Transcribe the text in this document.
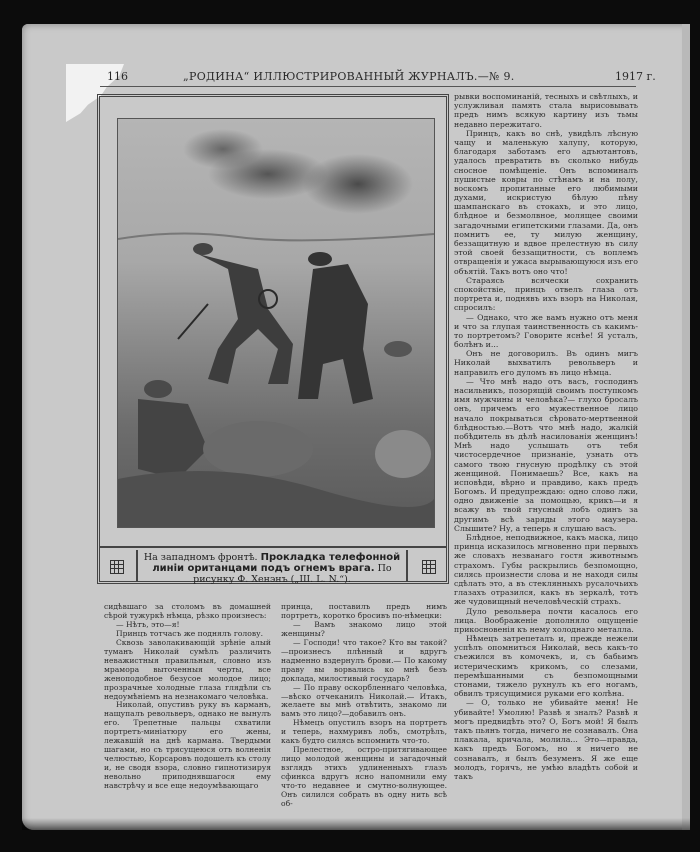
116	„РОДИНА“ ИЛЛЮСТРИРОВАННЫЙ ЖУРНАЛЪ.—№ 9.	1917 г.
На западномъ фронтѣ. Прокладка телефонной линіи оританцами подъ огнемъ врага. По рисунку Ф. Хенэнъ („Ш. L. N.“).

рывки воспоминаній, тесныхъ и свѣтлыхъ, и услужливая память стала вырисовывать предъ нимъ всякую картину изъ тьмы недавно пережитаго.

Принцъ, какъ во снѣ, увидѣлъ лѣсную чащу и маленькую халупу, которую, благодаря заботамъ его адъютантовъ, удалось превратить въ сколько нибудь сносное помѣщеніе. Онъ вспоминалъ пушистые ковры по стѣнамъ и на полу, воскомъ пропитанные его любимыми духами, искристую бѣлую пѣну шампанскаго въ стокахъ, и это лицо, блѣдное и безмолвное, молящее своими загадочными египетскими глазами. Да, онъ помнитъ ее, ту милую женщину, беззащитную и вдвое прелестную въ силу этой своей беззащитности, съ воплемъ отвращенія и ужаса вырывающуюся изъ его объятій. Такъ вотъ оно что!

Стараясь всячески сохранить спокойствіе, принцъ отвелъ глаза отъ портрета и, поднявъ ихъ взоръ на Николая, спросилъ:

— Однако, что же вамъ нужно отъ меня и что за глупая таинственность съ какимъ-то портретомъ? Говорите яснѣе! Я усталъ, болѣнъ и...

Онъ не договорилъ. Въ одинъ мигъ Николай выхватилъ револьверъ и направилъ его дуломъ въ лицо нѣмца.

— Что мнѣ надо отъ васъ, господинъ насильникъ, позорящій своимъ поступкомъ имя мужчины и человѣка?— глухо бросалъ онъ, причемъ его мужественное лицо начало покрываться сѣровато-мертвенной блѣдностью.—Вотъ что мнѣ надо, жалкій побѣдитель въ дѣлѣ насилованія женщинъ! Мнѣ надо услышать отъ тебя чистосердечное признаніе, узнать отъ самого твою гнусную продѣлку съ этой женщиной. Понимаешь? Все, какъ на исповѣди, вѣрно и правдиво, какъ предъ Богомъ. И предупреждаю: одно слово лжи, одно движеніе за помощью, крикъ—и я всажу въ твой гнусный лобъ одинъ за другимъ всѣ заряды этого маузера. Слышите? Ну, а теперь я слушаю васъ.

Блѣдное, неподвижное, какъ маска, лицо принца исказилось мгновенно при первыхъ же словахъ незванаго гостя животнымъ страхомъ. Губы раскрылись безпомощно, силясь произнести слова и не находя силы сдѣлать это, а въ стеклянныхъ русалочьихъ глазахъ отразился, какъ въ зеркалѣ, тотъ же чудовищный нечеловѣческій страхъ.

Дуло револьвера почти касалось его лица. Воображеніе дополняло ощущеніе прикосновенія къ нему холоднаго металла.

Нѣмецъ затрепеталъ и, прежде нежели успѣлъ опомниться Николай, весь какъ-то съежился въ комочекъ, и, съ бабьимъ истерическимъ крикомъ, со слезами, перемѣшанными съ безпомощными стонами, тяжело рухнулъ къ его ногамъ, обвилъ трясущимися руками его колѣна.

— О, только не убивайте меня! Не убивайте! Умоляю! Развѣ я зналъ? Развѣ я могъ предвидѣть это? О, Богъ мой! Я былъ такъ пьянъ тогда, ничего не сознавалъ. Она плакала, кричала, молила... Это—правда, какъ предъ Богомъ, но я ничего не сознавалъ, я былъ безуменъ. Я же еще молодъ, горячъ, не умѣю владѣть собой и такъ

сидѣвшаго за столомъ въ домашней сѣрой тужуркѣ нѣмца, рѣзко произнесъ:

— Нѣтъ, это—я!

Принцъ тотчасъ же поднялъ голову.

Сквозь заволакивающій зрѣніе алый туманъ Николай сумѣлъ различить неважистныя правильныя, словно изъ мрамора выточенныя черты, все женоподобное безусое молодое лицо; прозрачные холодные глаза глядѣли съ недоумѣніемъ на незнакомаго человѣка.

Николай, опустивъ руку въ карманъ, нащупалъ револьверъ, однако не вынулъ его. Трепетные пальцы схватили портретъ-миніатюру его жены, лежавшій на днѣ кармана. Твердыми шагами, но съ трясущеюся отъ волненія челюстью, Корсаровъ подошелъ къ столу и, не сводя взора, словно гипнотизируя невольно приподнявшагося ему навстрѣчу и все еще недоумѣвающаго

принца, поставилъ предъ нимъ портретъ, коротко бросивъ по-нѣмецки:

— Вамъ знакомо лицо этой женщины?

— Господи! что такое? Кто вы такой?—произнесъ плѣнный и вдругъ надменно вздернулъ брови.— По какому праву вы ворвались ко мнѣ безъ доклада, милостивый государь?

— По праву оскорбленнаго человѣка,—вѣско отчеканилъ Николай.— Итакъ, желаете вы мнѣ отвѣтить, знакомо ли вамъ это лицо?—добавилъ онъ.

Нѣмецъ опустилъ взоръ на портретъ и теперь, нахмуривъ лобъ, смотрѣлъ, какъ будто силясь вспомнить что-то.

Прелестное, остро-притягивающее лицо молодой женщины и загадочный взглядъ этихъ удлиненныхъ глазъ сфинкса вдругъ ясно напомнили ему что-то недавнее и смутно-волнующее. Онъ силился собрать въ одну нить всѣ об-
